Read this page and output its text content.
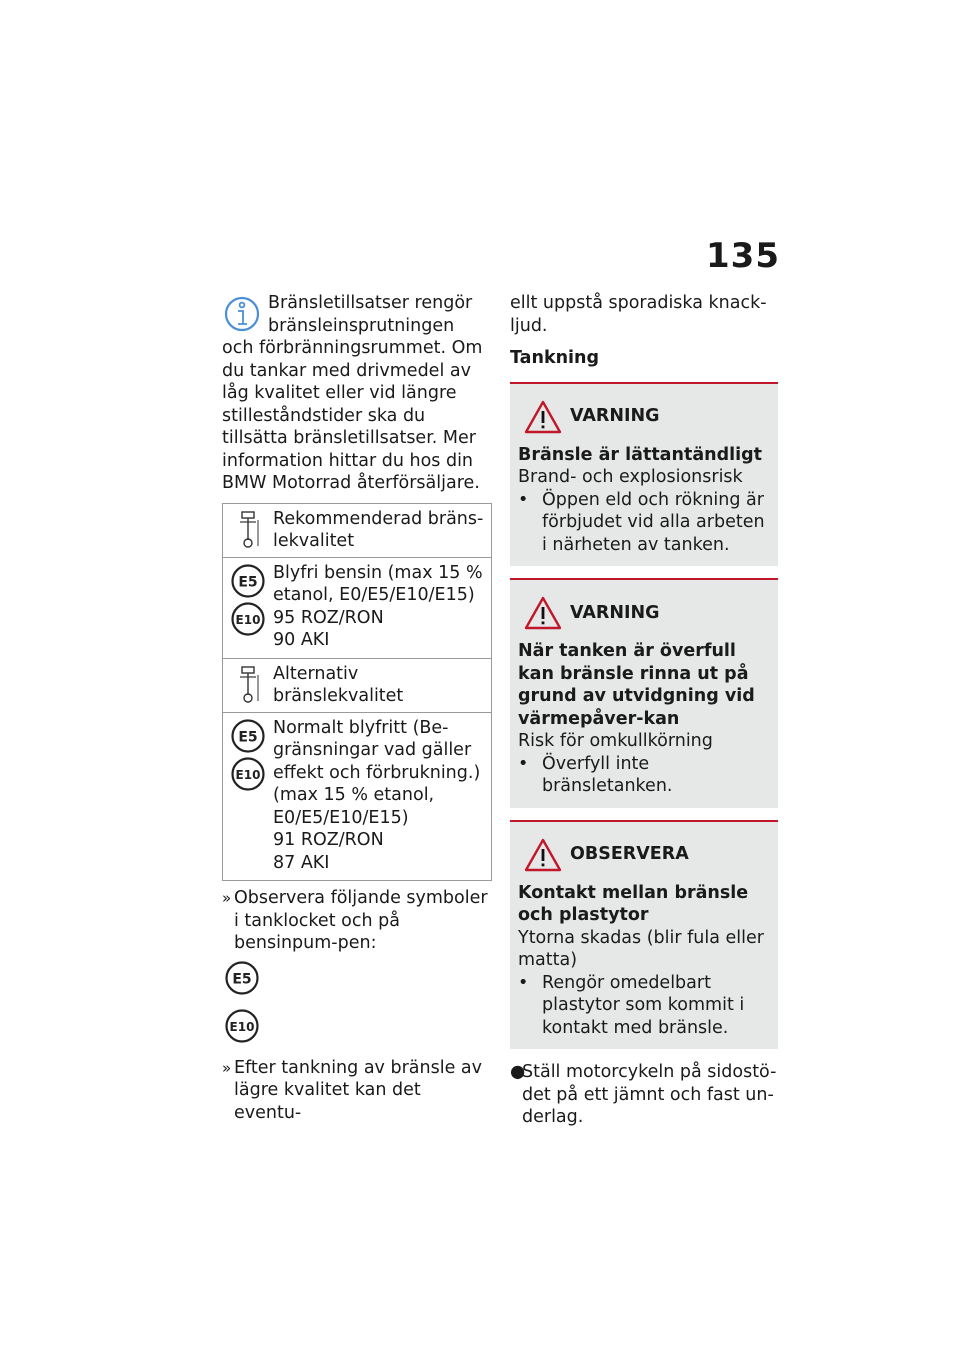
135
Bränsletillsatser rengör
bränsleinsprutningen
och förbränningsrummet. Om du tankar med drivmedel av låg kvalitet eller vid längre stilleståndstider ska du tillsätta bränsletillsatser. Mer information hittar du hos din BMW Motorrad återförsäljare.
Rekommenderad bräns-lekvalitet
E5
E10
Blyfri bensin (max 15 % etanol, E0/E5/E10/E15)
95 ROZ/RON
90 AKI
Alternativ bränslekvalitet
E5
E10
Normalt blyfritt (Be-gränsningar vad gäller effekt och förbrukning.) (max 15 % etanol, E0/E5/E10/E15)
91 ROZ/RON
87 AKI
» Observera följande symboler i tanklocket och på bensinpum-pen:
E5
E10
» Efter tankning av bränsle av lägre kvalitet kan det eventu-
ellt uppstå sporadiska knack-ljud.
Tankning
VARNING
Bränsle är lättantändligt
Brand- och explosionsrisk
• Öppen eld och rökning är förbjudet vid alla arbeten i närheten av tanken.
VARNING
När tanken är överfull kan bränsle rinna ut på grund av utvidgning vid värmepåver-kan
Risk för omkullkörning
• Överfyll inte bränsletanken.
OBSERVERA
Kontakt mellan bränsle och plastytor
Ytorna skadas (blir fula eller matta)
• Rengör omedelbart plastytor som kommit i kontakt med bränsle.
●
Ställ motorcykeln på sidostö-det på ett jämnt och fast un-derlag.
